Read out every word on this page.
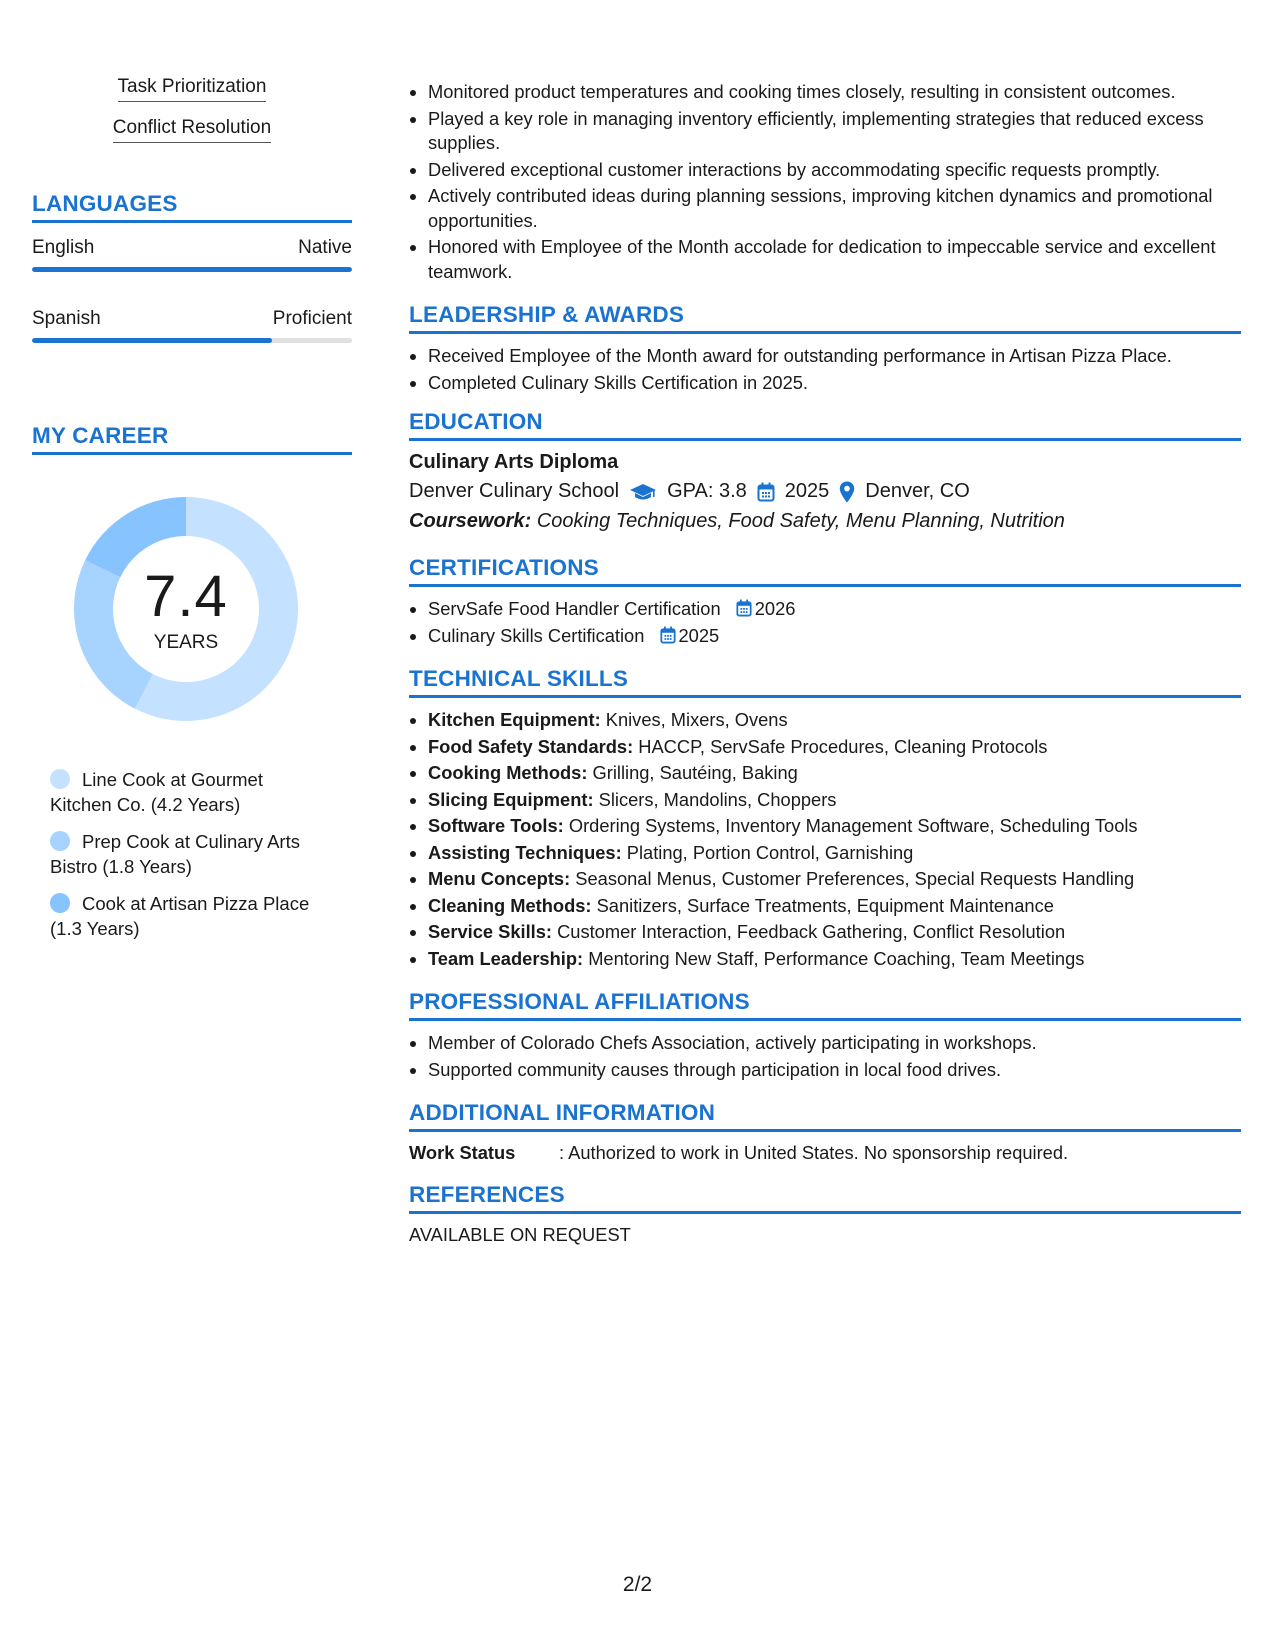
Task Prioritization
Conflict Resolution
LANGUAGES
English	Native
Spanish	Proficient
MY CAREER
7.4
YEARS
Line Cook at Gourmet Kitchen Co. (4.2 Years)
Prep Cook at Culinary Arts Bistro (1.8 Years)
Cook at Artisan Pizza Place (1.3 Years)
• Monitored product temperatures and cooking times closely, resulting in consistent outcomes.
• Played a key role in managing inventory efficiently, implementing strategies that reduced excess supplies.
• Delivered exceptional customer interactions by accommodating specific requests promptly.
• Actively contributed ideas during planning sessions, improving kitchen dynamics and promotional opportunities.
• Honored with Employee of the Month accolade for dedication to impeccable service and excellent teamwork.
LEADERSHIP & AWARDS
• Received Employee of the Month award for outstanding performance in Artisan Pizza Place.
• Completed Culinary Skills Certification in 2025.
EDUCATION
Culinary Arts Diploma
Denver Culinary School GPA: 3.8 2025 Denver, CO
Coursework: Cooking Techniques, Food Safety, Menu Planning, Nutrition
CERTIFICATIONS
• ServSafe Food Handler Certification 2026
• Culinary Skills Certification 2025
TECHNICAL SKILLS
• Kitchen Equipment: Knives, Mixers, Ovens
• Food Safety Standards: HACCP, ServSafe Procedures, Cleaning Protocols
• Cooking Methods: Grilling, Sautéing, Baking
• Slicing Equipment: Slicers, Mandolins, Choppers
• Software Tools: Ordering Systems, Inventory Management Software, Scheduling Tools
• Assisting Techniques: Plating, Portion Control, Garnishing
• Menu Concepts: Seasonal Menus, Customer Preferences, Special Requests Handling
• Cleaning Methods: Sanitizers, Surface Treatments, Equipment Maintenance
• Service Skills: Customer Interaction, Feedback Gathering, Conflict Resolution
• Team Leadership: Mentoring New Staff, Performance Coaching, Team Meetings
PROFESSIONAL AFFILIATIONS
• Member of Colorado Chefs Association, actively participating in workshops.
• Supported community causes through participation in local food drives.
ADDITIONAL INFORMATION
Work Status	: Authorized to work in United States. No sponsorship required.
REFERENCES
AVAILABLE ON REQUEST
2/2
